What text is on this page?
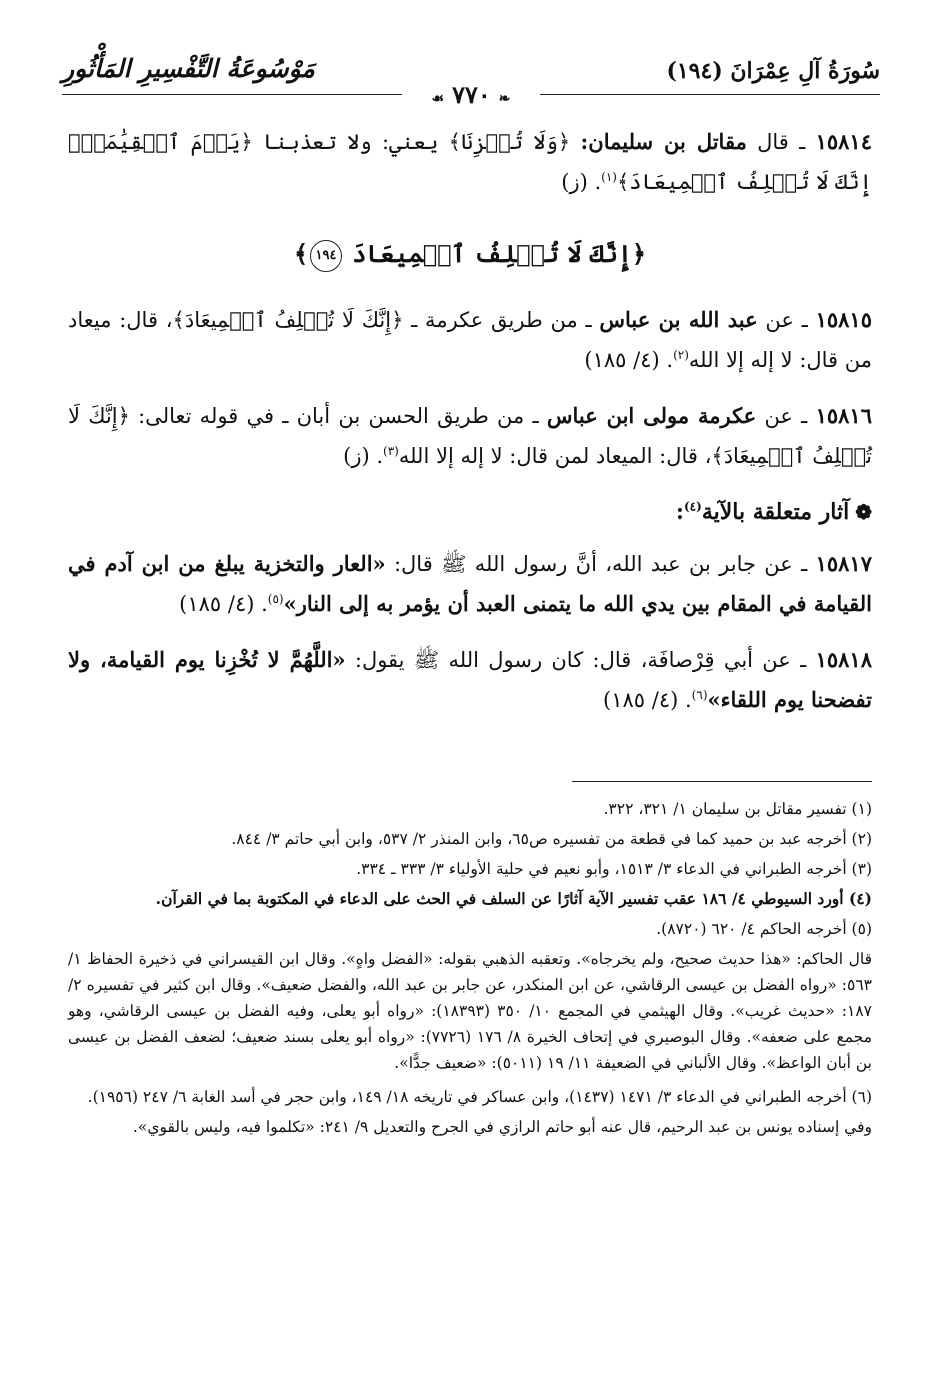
سُورَةُ آلِ عِمْرَانَ (١٩٤)
مَوْسُوعَةُ التَّفْسِيرِ المَأْثُورِ
❧٧٧٠☙

١٥٨١٤ ـ قال مقاتل بن سليمان: ﴿وَلَا تُخۡزِنَا﴾ يعني: ولا تعذبنا ﴿يَوۡمَ ٱلۡقِيَٰمَةِۖ إِنَّكَ لَا تُخۡلِفُ ٱلۡمِيعَادَ﴾$^{(١)}$. (ز)

﴿إِنَّكَ لَا تُخۡلِفُ ٱلۡمِيعَادَ ١٩٤﴾

١٥٨١٥ ـ عن عبد الله بن عباس ـ من طريق عكرمة ـ ﴿إِنَّكَ لَا تُخۡلِفُ ٱلۡمِيعَادَ﴾، قال: ميعاد من قال: لا إله إلا الله$^{(٢)}$. (٤/ ١٨٥)

١٥٨١٦ ـ عن عكرمة مولى ابن عباس ـ من طريق الحسن بن أبان ـ في قوله تعالى: ﴿إِنَّكَ لَا تُخۡلِفُ ٱلۡمِيعَادَ﴾، قال: الميعاد لمن قال: لا إله إلا الله$^{(٣)}$. (ز)

❁آثار متعلقة بالآية$^{(٤)}$:

١٥٨١٧ ـ عن جابر بن عبد الله، أنَّ رسول الله ﷺ قال: «العار والتخزية يبلغ من ابن آدم في القيامة في المقام بين يدي الله ما يتمنى العبد أن يؤمر به إلى النار»$^{(٥)}$. (٤/ ١٨٥)

١٥٨١٨ ـ عن أبي قِرْصافَة، قال: كان رسول الله ﷺ يقول: «اللَّهُمَّ لا تُخْزِنا يوم القيامة، ولا تفضحنا يوم اللقاء»$^{(٦)}$. (٤/ ١٨٥)

(١) تفسير مقاتل بن سليمان ١/ ٣٢١، ٣٢٢.
(٢) أخرجه عبد بن حميد كما في قطعة من تفسيره ص٦٥، وابن المنذر ٢/ ٥٣٧، وابن أبي حاتم ٣/ ٨٤٤.
(٣) أخرجه الطبراني في الدعاء ٣/ ١٥١٣، وأبو نعيم في حلية الأولياء ٣/ ٣٣٣ ـ ٣٣٤.
(٤) أورد السيوطي ٤/ ١٨٦ عقب تفسير الآية آثارًا عن السلف في الحث على الدعاء في المكتوبة بما في القرآن.
(٥) أخرجه الحاكم ٤/ ٦٢٠ (٨٧٢٠).
قال الحاكم: «هذا حديث صحيح، ولم يخرجاه». وتعقبه الذهبي بقوله: «الفضل واهٍ». وقال ابن القيسراني في ذخيرة الحفاظ ١/ ٥٦٣: «رواه الفضل بن عيسى الرقاشي، عن ابن المنكدر، عن جابر بن عبد الله، والفضل ضعيف». وقال ابن كثير في تفسيره ٢/ ١٨٧: «حديث غريب». وقال الهيثمي في المجمع ١٠/ ٣٥٠ (١٨٣٩٣): «رواه أبو يعلى، وفيه الفضل بن عيسى الرقاشي، وهو مجمع على ضعفه». وقال البوصيري في إتحاف الخيرة ٨/ ١٧٦ (٧٧٢٦): «رواه أبو يعلى بسند ضعيف؛ لضعف الفضل بن عيسى بن أبان الواعظ». وقال الألباني في الضعيفة ١١/ ١٩ (٥٠١١): «ضعيف جدًّا».
(٦) أخرجه الطبراني في الدعاء ٣/ ١٤٧١ (١٤٣٧)، وابن عساكر في تاريخه ١٨/ ١٤٩، وابن حجر في أسد الغابة ٦/ ٢٤٧ (١٩٥٦).
وفي إسناده يونس بن عبد الرحيم، قال عنه أبو حاتم الرازي في الجرح والتعديل ٩/ ٢٤١: «تكلموا فيه، وليس بالقوي».
